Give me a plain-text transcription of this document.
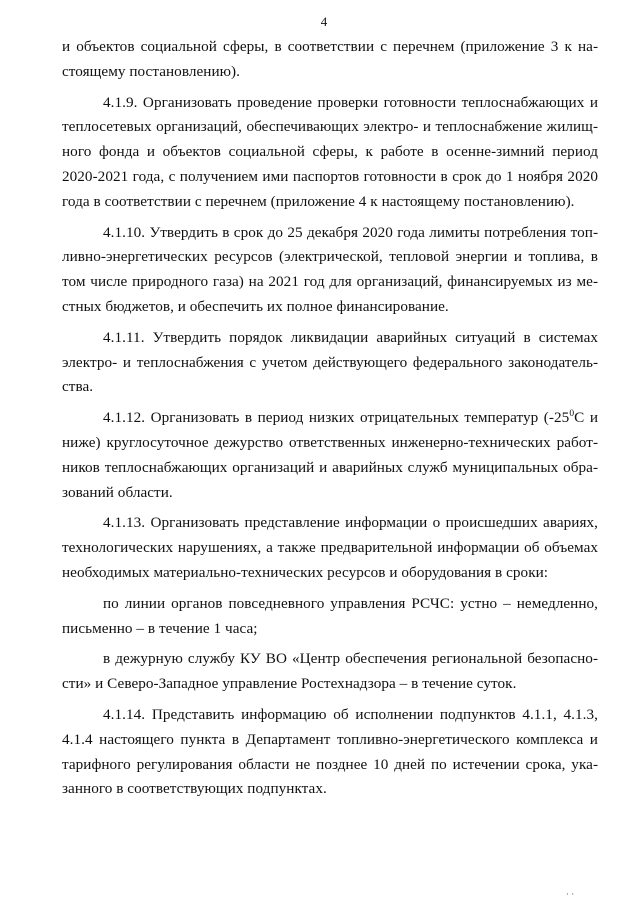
4

и объектов социальной сферы, в соответствии с перечнем (приложение 3 к настоящему постановлению).

4.1.9. Организовать проведение проверки готовности теплоснабжающих и теплосетевых организаций, обеспечивающих электро- и теплоснабжение жилищного фонда и объектов социальной сферы, к работе в осенне-зимний период 2020-2021 года, с получением ими паспортов готовности в срок до 1 ноября 2020 года в соответствии с перечнем (приложение 4 к настоящему постановлению).

4.1.10. Утвердить в срок до 25 декабря 2020 года лимиты потребления топливно-энергетических ресурсов (электрической, тепловой энергии и топлива, в том числе природного газа) на 2021 год для организаций, финансируемых из местных бюджетов, и обеспечить их полное финансирование.

4.1.11. Утвердить порядок ликвидации аварийных ситуаций в системах электро- и теплоснабжения с учетом действующего федерального законодательства.

4.1.12. Организовать в период низких отрицательных температур ($-25^0С$ и ниже) круглосуточное дежурство ответственных инженерно-технических работников теплоснабжающих организаций и аварийных служб муниципальных образований области.

4.1.13. Организовать представление информации о происшедших авариях, технологических нарушениях, а также предварительной информации об объемах необходимых материально-технических ресурсов и оборудования в сроки:

по линии органов повседневного управления РСЧС: устно – немедленно, письменно – в течение 1 часа;

в дежурную службу КУ ВО «Центр обеспечения региональной безопасности» и Северо-Западное управление Ростехнадзора – в течение суток.

4.1.14. Представить информацию об исполнении подпунктов 4.1.1, 4.1.3, 4.1.4 настоящего пункта в Департамент топливно-энергетического комплекса и тарифного регулирования области не позднее 10 дней по истечении срока, указанного в соответствующих подпунктах.

· ·
